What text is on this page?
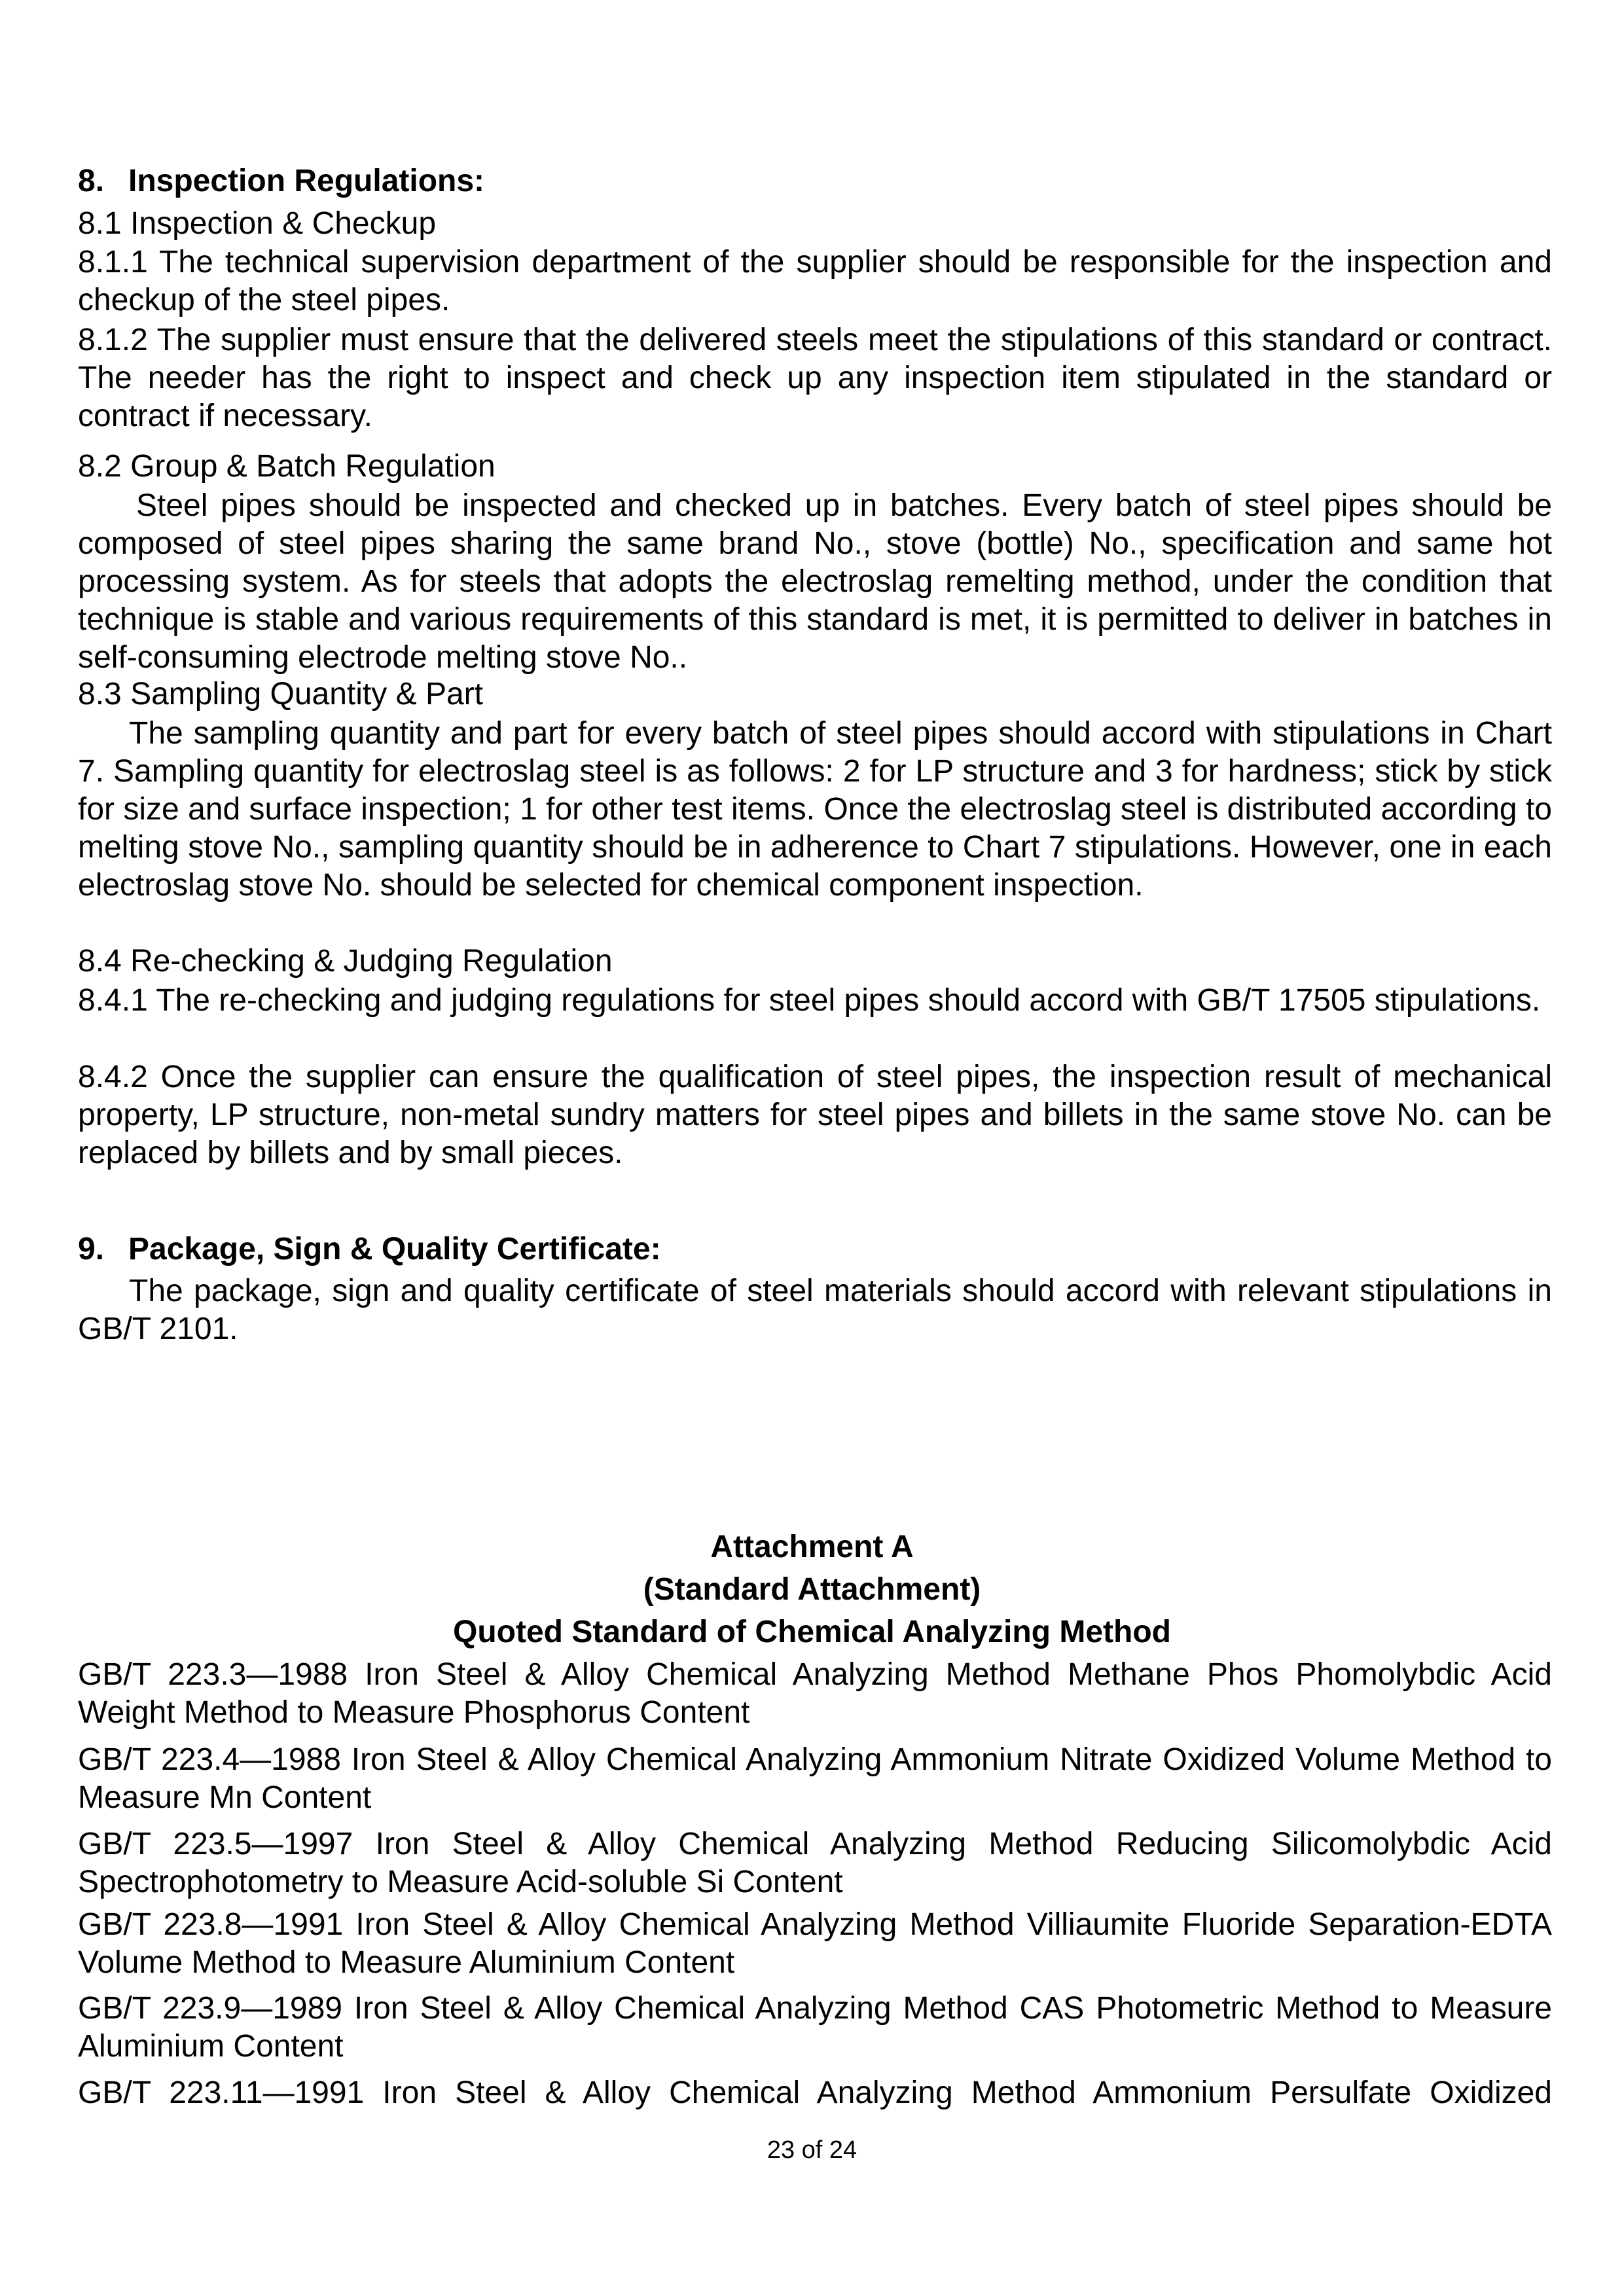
8. Inspection Regulations:

8.1 Inspection & Checkup

8.1.1 The technical supervision department of the supplier should be responsible for the inspection and checkup of the steel pipes.

8.1.2 The supplier must ensure that the delivered steels meet the stipulations of this standard or contract. The needer has the right to inspect and check up any inspection item stipulated in the standard or contract if necessary.

8.2 Group & Batch Regulation

Steel pipes should be inspected and checked up in batches. Every batch of steel pipes should be composed of steel pipes sharing the same brand No., stove (bottle) No., specification and same hot processing system. As for steels that adopts the electroslag remelting method, under the condition that technique is stable and various requirements of this standard is met, it is permitted to deliver in batches in self-consuming electrode melting stove No..

8.3 Sampling Quantity & Part

The sampling quantity and part for every batch of steel pipes should accord with stipulations in Chart 7. Sampling quantity for electroslag steel is as follows: 2 for LP structure and 3 for hardness; stick by stick for size and surface inspection; 1 for other test items. Once the electroslag steel is distributed according to melting stove No., sampling quantity should be in adherence to Chart 7 stipulations. However, one in each electroslag stove No. should be selected for chemical component inspection.

8.4 Re-checking & Judging Regulation

8.4.1 The re-checking and judging regulations for steel pipes should accord with GB/T 17505 stipulations.

8.4.2 Once the supplier can ensure the qualification of steel pipes, the inspection result of mechanical property, LP structure, non-metal sundry matters for steel pipes and billets in the same stove No. can be replaced by billets and by small pieces.

9. Package, Sign & Quality Certificate:

The package, sign and quality certificate of steel materials should accord with relevant stipulations in GB/T 2101.

Attachment A

(Standard Attachment)

Quoted Standard of Chemical Analyzing Method

GB/T 223.3—1988 Iron Steel & Alloy Chemical Analyzing Method Methane Phos Phomolybdic Acid Weight Method to Measure Phosphorus Content

GB/T 223.4—1988 Iron Steel & Alloy Chemical Analyzing Ammonium Nitrate Oxidized Volume Method to Measure Mn Content

GB/T 223.5—1997 Iron Steel & Alloy Chemical Analyzing Method Reducing Silicomolybdic Acid Spectrophotometry to Measure Acid-soluble Si Content

GB/T 223.8—1991 Iron Steel & Alloy Chemical Analyzing Method Villiaumite Fluoride Separation-EDTA Volume Method to Measure Aluminium Content

GB/T 223.9—1989 Iron Steel & Alloy Chemical Analyzing Method CAS Photometric Method to Measure Aluminium Content

GB/T 223.11—1991 Iron Steel & Alloy Chemical Analyzing Method Ammonium Persulfate Oxidized

23 of 24
